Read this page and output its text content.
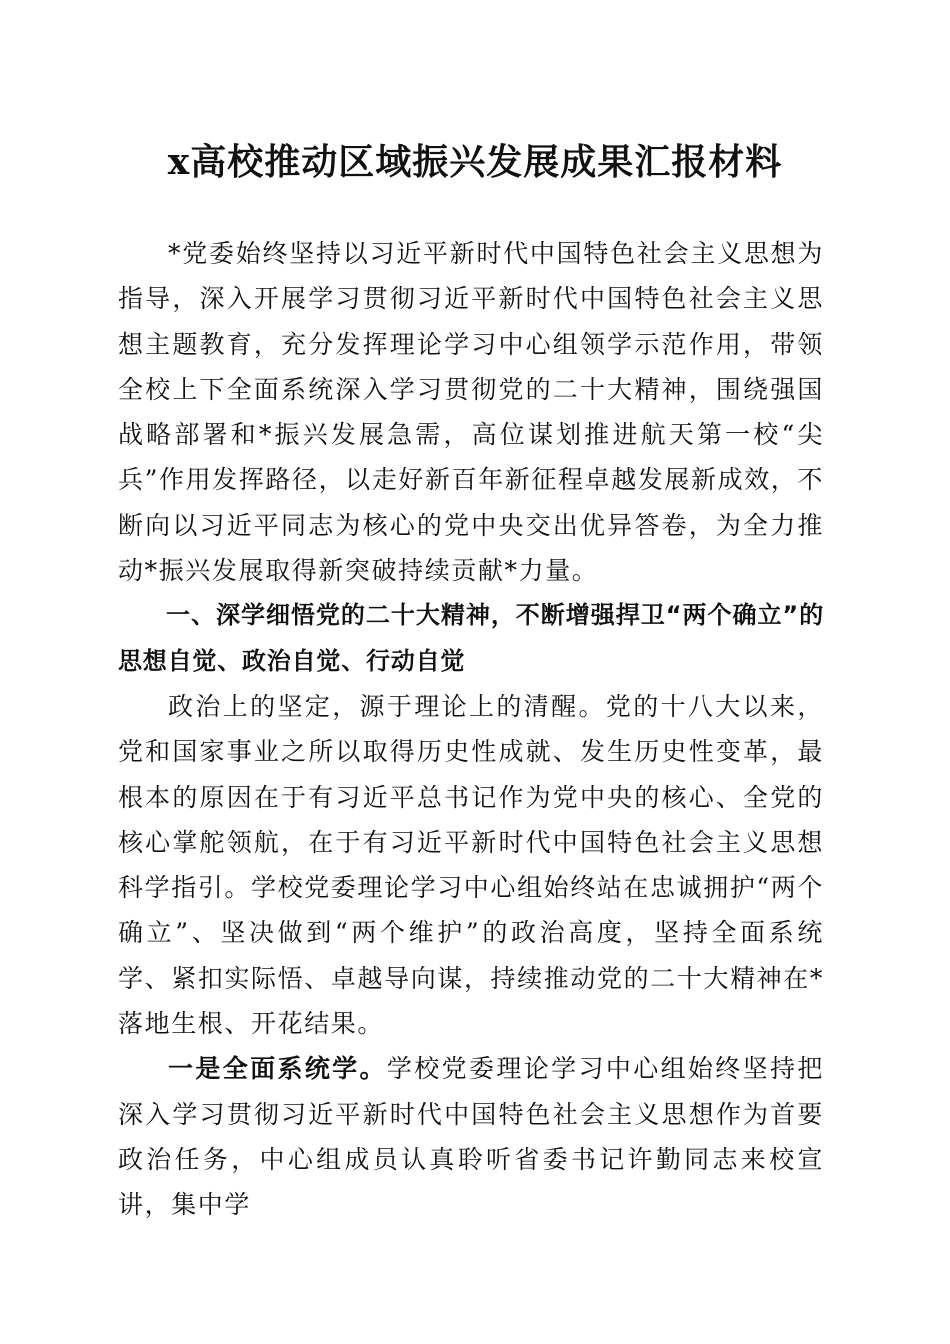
x高校推动区域振兴发展成果汇报材料

*党委始终坚持以习近平新时代中国特色社会主义思想为指导，深入开展学习贯彻习近平新时代中国特色社会主义思想主题教育，充分发挥理论学习中心组领学示范作用，带领全校上下全面系统深入学习贯彻党的二十大精神，围绕强国战略部署和*振兴发展急需，高位谋划推进航天第一校“尖兵”作用发挥路径，以走好新百年新征程卓越发展新成效，不断向以习近平同志为核心的党中央交出优异答卷，为全力推动*振兴发展取得新突破持续贡献*力量。

一、深学细悟党的二十大精神，不断增强捍卫“两个确立”的思想自觉、政治自觉、行动自觉

政治上的坚定，源于理论上的清醒。党的十八大以来，党和国家事业之所以取得历史性成就、发生历史性变革，最根本的原因在于有习近平总书记作为党中央的核心、全党的核心掌舵领航，在于有习近平新时代中国特色社会主义思想科学指引。学校党委理论学习中心组始终站在忠诚拥护“两个确立”、坚决做到“两个维护”的政治高度，坚持全面系统学、紧扣实际悟、卓越导向谋，持续推动党的二十大精神在*落地生根、开花结果。

一是全面系统学。学校党委理论学习中心组始终坚持把深入学习贯彻习近平新时代中国特色社会主义思想作为首要政治任务，中心组成员认真聆听省委书记许勤同志来校宣讲，集中学
